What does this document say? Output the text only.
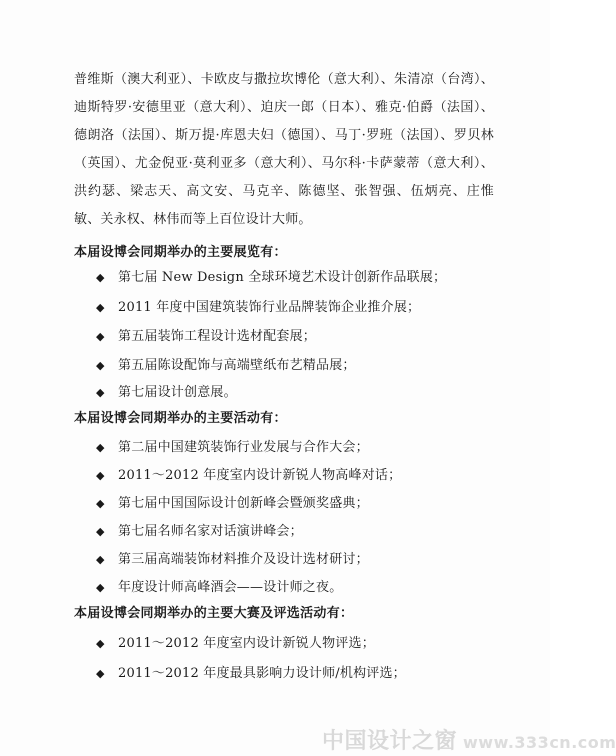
普维斯（澳大利亚）、卡欧皮与撒拉坎博伦（意大利）、朱清凉（台湾）、迪斯特罗·安德里亚（意大利）、迫庆一郎（日本）、雅克·伯爵（法国）、德朗洛（法国）、斯万提·库恩夫妇（德国）、马丁·罗班（法国）、罗贝林（英国）、尤金倪亚·莫利亚多（意大利）、马尔科·卡萨蒙蒂（意大利）、洪约瑟、梁志天、高文安、马克辛、陈德坚、张智强、伍炳亮、庄惟敏、关永权、林伟而等上百位设计大师。
本届设博会同期举办的主要展览有：
◆ 第七届 New Design 全球环境艺术设计创新作品联展；
◆ 2011 年度中国建筑装饰行业品牌装饰企业推介展；
◆ 第五届装饰工程设计选材配套展；
◆ 第五届陈设配饰与高端壁纸布艺精品展；
◆ 第七届设计创意展。
本届设博会同期举办的主要活动有：
◆ 第二届中国建筑装饰行业发展与合作大会；
◆ 2011～2012 年度室内设计新锐人物高峰对话；
◆ 第七届中国国际设计创新峰会暨颁奖盛典；
◆ 第七届名师名家对话演讲峰会；
◆ 第三届高端装饰材料推介及设计选材研讨；
◆ 年度设计师高峰酒会——设计师之夜。
本届设博会同期举办的主要大赛及评选活动有：
◆ 2011～2012 年度室内设计新锐人物评选；
◆ 2011～2012 年度最具影响力设计师/机构评选；
中国设计之窗 www.333cn.com
